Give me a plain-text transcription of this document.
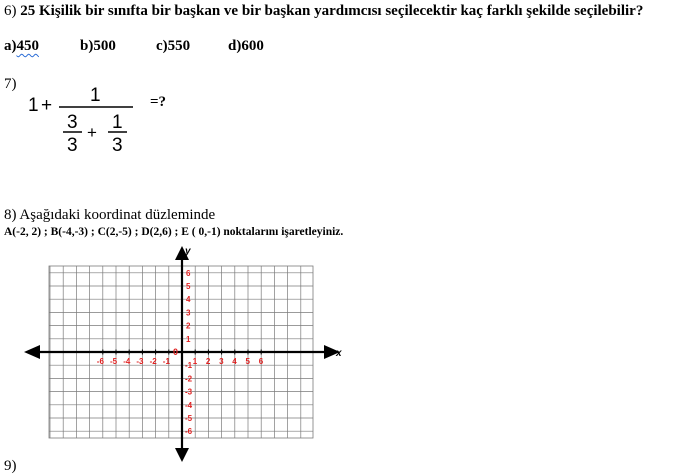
6) 25 Kişilik bir sınıfta bir başkan ve bir başkan yardımcısı seçilecektir kaç farklı şekilde seçilebilir?
a)450	b)500	c)550	d)600
7)
1 + 1
3
3
+ 1
3
=?
8) Aşağıdaki koordinat düzleminde
A(-2, 2) ; B(-4,-3) ; C(2,-5) ; D(2,6) ; E ( 0,-1) noktalarını işaretleyiniz.
-6 -5 -4 -3 -2 -1	1 2 3 4 5 6
6
5
4
3
2
1
-1
-2
-3
-4
-5
-6
x
y
0
9)
